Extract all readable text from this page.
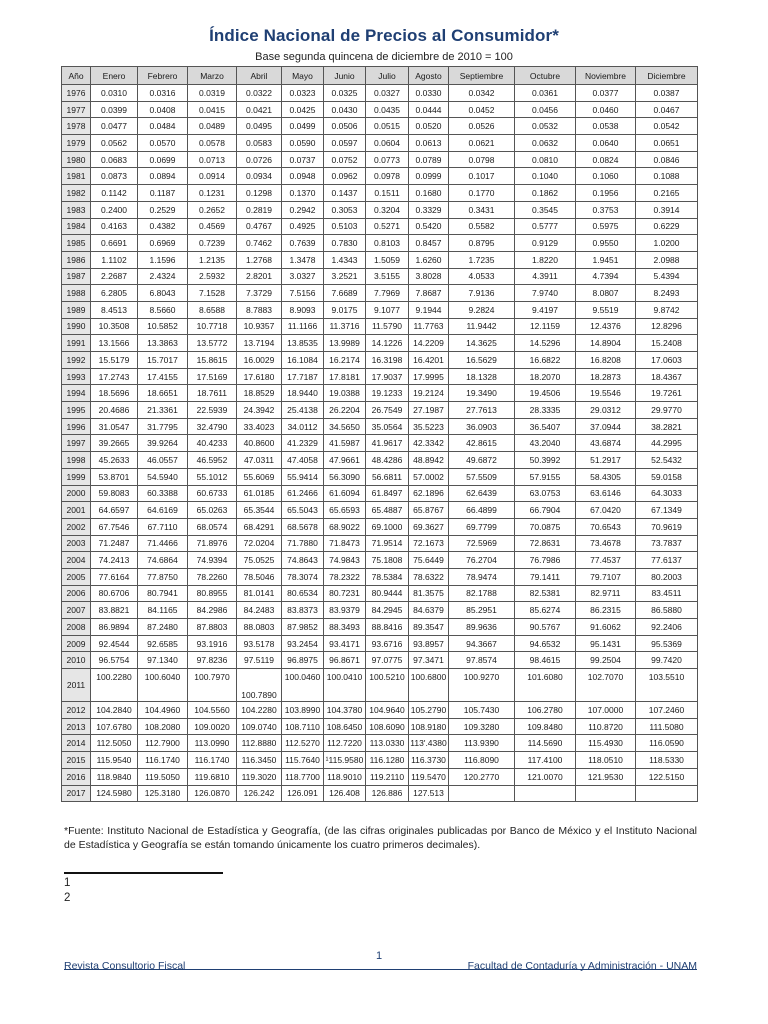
Índice Nacional de Precios al Consumidor*
Base segunda quincena de diciembre de 2010 = 100
Año	Enero	Febrero	Marzo	Abril	Mayo	Junio	Julio	Agosto	Septiembre	Octubre	Noviembre	Diciembre
1976	0.0310	0.0316	0.0319	0.0322	0.0323	0.0325	0.0327	0.0330	0.0342	0.0361	0.0377	0.0387
1977	0.0399	0.0408	0.0415	0.0421	0.0425	0.0430	0.0435	0.0444	0.0452	0.0456	0.0460	0.0467
1978	0.0477	0.0484	0.0489	0.0495	0.0499	0.0506	0.0515	0.0520	0.0526	0.0532	0.0538	0.0542
1979	0.0562	0.0570	0.0578	0.0583	0.0590	0.0597	0.0604	0.0613	0.0621	0.0632	0.0640	0.0651
1980	0.0683	0.0699	0.0713	0.0726	0.0737	0.0752	0.0773	0.0789	0.0798	0.0810	0.0824	0.0846
1981	0.0873	0.0894	0.0914	0.0934	0.0948	0.0962	0.0978	0.0999	0.1017	0.1040	0.1060	0.1088
1982	0.1142	0.1187	0.1231	0.1298	0.1370	0.1437	0.1511	0.1680	0.1770	0.1862	0.1956	0.2165
1983	0.2400	0.2529	0.2652	0.2819	0.2942	0.3053	0.3204	0.3329	0.3431	0.3545	0.3753	0.3914
1984	0.4163	0.4382	0.4569	0.4767	0.4925	0.5103	0.5271	0.5420	0.5582	0.5777	0.5975	0.6229
1985	0.6691	0.6969	0.7239	0.7462	0.7639	0.7830	0.8103	0.8457	0.8795	0.9129	0.9550	1.0200
1986	1.1102	1.1596	1.2135	1.2768	1.3478	1.4343	1.5059	1.6260	1.7235	1.8220	1.9451	2.0988
1987	2.2687	2.4324	2.5932	2.8201	3.0327	3.2521	3.5155	3.8028	4.0533	4.3911	4.7394	5.4394
1988	6.2805	6.8043	7.1528	7.3729	7.5156	7.6689	7.7969	7.8687	7.9136	7.9740	8.0807	8.2493
1989	8.4513	8.5660	8.6588	8.7883	8.9093	9.0175	9.1077	9.1944	9.2824	9.4197	9.5519	9.8742
1990	10.3508	10.5852	10.7718	10.9357	11.1166	11.3716	11.5790	11.7763	11.9442	12.1159	12.4376	12.8296
1991	13.1566	13.3863	13.5772	13.7194	13.8535	13.9989	14.1226	14.2209	14.3625	14.5296	14.8904	15.2408
1992	15.5179	15.7017	15.8615	16.0029	16.1084	16.2174	16.3198	16.4201	16.5629	16.6822	16.8208	17.0603
1993	17.2743	17.4155	17.5169	17.6180	17.7187	17.8181	17.9037	17.9995	18.1328	18.2070	18.2873	18.4367
1994	18.5696	18.6651	18.7611	18.8529	18.9440	19.0388	19.1233	19.2124	19.3490	19.4506	19.5546	19.7261
1995	20.4686	21.3361	22.5939	24.3942	25.4138	26.2204	26.7549	27.1987	27.7613	28.3335	29.0312	29.9770
1996	31.0547	31.7795	32.4790	33.4023	34.0112	34.5650	35.0564	35.5223	36.0903	36.5407	37.0944	38.2821
1997	39.2665	39.9264	40.4233	40.8600	41.2329	41.5987	41.9617	42.3342	42.8615	43.2040	43.6874	44.2995
1998	45.2633	46.0557	46.5952	47.0311	47.4058	47.9661	48.4286	48.8942	49.6872	50.3992	51.2917	52.5432
1999	53.8701	54.5940	55.1012	55.6069	55.9414	56.3090	56.6811	57.0002	57.5509	57.9155	58.4305	59.0158
2000	59.8083	60.3388	60.6733	61.0185	61.2466	61.6094	61.8497	62.1896	62.6439	63.0753	63.6146	64.3033
2001	64.6597	64.6169	65.0263	65.3544	65.5043	65.6593	65.4887	65.8767	66.4899	66.7904	67.0420	67.1349
2002	67.7546	67.7110	68.0574	68.4291	68.5678	68.9022	69.1000	69.3627	69.7799	70.0875	70.6543	70.9619
2003	71.2487	71.4466	71.8976	72.0204	71.7880	71.8473	71.9514	72.1673	72.5969	72.8631	73.4678	73.7837
2004	74.2413	74.6864	74.9394	75.0525	74.8643	74.9843	75.1808	75.6449	76.2704	76.7986	77.4537	77.6137
2005	77.6164	77.8750	78.2260	78.5046	78.3074	78.2322	78.5384	78.6322	78.9474	79.1411	79.7107	80.2003
2006	80.6706	80.7941	80.8955	81.0141	80.6534	80.7231	80.9444	81.3575	82.1788	82.5381	82.9711	83.4511
2007	83.8821	84.1165	84.2986	84.2483	83.8373	83.9379	84.2945	84.6379	85.2951	85.6274	86.2315	86.5880
2008	86.9894	87.2480	87.8803	88.0803	87.9852	88.3493	88.8416	89.3547	89.9636	90.5767	91.6062	92.2406
2009	92.4544	92.6585	93.1916	93.5178	93.2454	93.4171	93.6716	93.8957	94.3667	94.6532	95.1431	95.5369
2010	96.5754	97.1340	97.8236	97.5119	96.8975	96.8671	97.0775	97.3471	97.8574	98.4615	99.2504	99.7420
2011	100.2280	100.6040	100.7970	100.7890	100.0460	100.0410	100.5210	100.6800	100.9270	101.6080	102.7070	103.5510
2012	104.2840	104.4960	104.5560	104.2280	103.8990	104.3780	104.9640	105.2790	105.7430	106.2780	107.0000	107.2460
2013	107.6780	108.2080	109.0020	109.0740	108.7110	108.6450	108.6090	108.9180	109.3280	109.8480	110.8720	111.5080
2014	112.5050	112.7900	113.0990	112.8880	112.5270	112.7220	113.0330	113'.4380	113.9390	114.5690	115.4930	116.0590
2015	115.9540	116.1740	116.1740	116.3450	115.7640	¹115.9580	116.1280	116.3730	116.8090	117.4100	118.0510	118.5330
2016	118.9840	119.5050	119.6810	119.3020	118.7700	118.9010	119.2110	119.5470	120.2770	121.0070	121.9530	122.5150
2017	124.5980	125.3180	126.0870	126.242	126.091	126.408	126.886	127.513				
*Fuente: Instituto Nacional de Estadística y Geografía, (de las cifras originales publicadas por Banco de México y el Instituto Nacional de Estadística y Geografía se están tomando únicamente los cuatro primeros decimales).
1
2
1
Revista Consultorio Fiscal	Facultad de Contaduría y Administración - UNAM
